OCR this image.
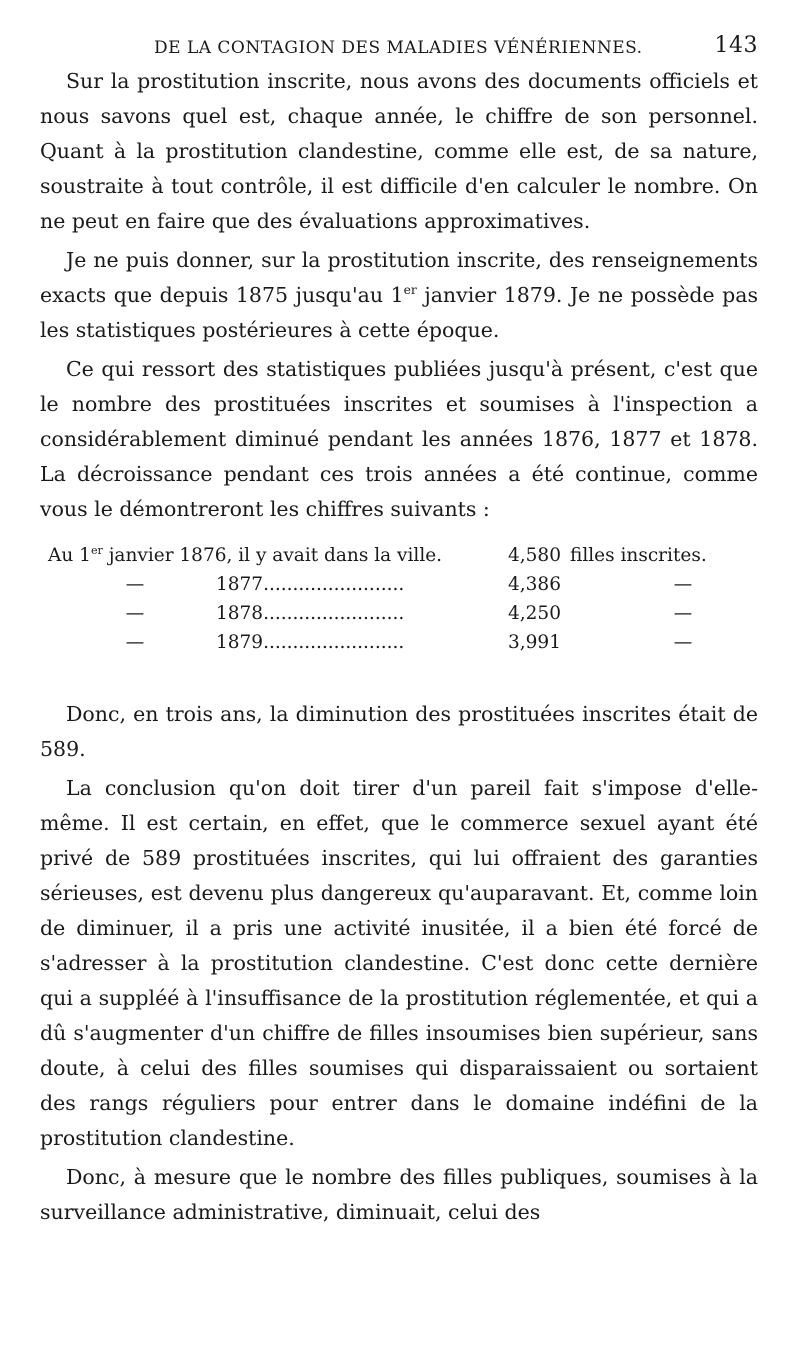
DE LA CONTAGION DES MALADIES VÉNÉRIENNES.	143

Sur la prostitution inscrite, nous avons des documents officiels et nous savons quel est, chaque année, le chiffre de son personnel. Quant à la prostitution clandestine, comme elle est, de sa nature, soustraite à tout contrôle, il est difficile d'en calculer le nombre. On ne peut en faire que des évaluations approximatives.

Je ne puis donner, sur la prostitution inscrite, des renseignements exacts que depuis 1875 jusqu'au 1er janvier 1879. Je ne possède pas les statistiques postérieures à cette époque.

Ce qui ressort des statistiques publiées jusqu'à présent, c'est que le nombre des prostituées inscrites et soumises à l'inspection a considérablement diminué pendant les années 1876, 1877 et 1878. La décroissance pendant ces trois années a été continue, comme vous le démontreront les chiffres suivants :

Au 1er janvier 1876, il y avait dans la ville.	4,580 filles inscrites.
—	1877........................	4,386	—
—	1878........................	4,250	—
—	1879........................	3,991	—

Donc, en trois ans, la diminution des prostituées inscrites était de 589.

La conclusion qu'on doit tirer d'un pareil fait s'impose d'elle-même. Il est certain, en effet, que le commerce sexuel ayant été privé de 589 prostituées inscrites, qui lui offraient des garanties sérieuses, est devenu plus dangereux qu'auparavant. Et, comme loin de diminuer, il a pris une activité inusitée, il a bien été forcé de s'adresser à la prostitution clandestine. C'est donc cette dernière qui a suppléé à l'insuffisance de la prostitution réglementée, et qui a dû s'augmenter d'un chiffre de filles insoumises bien supérieur, sans doute, à celui des filles soumises qui disparaissaient ou sortaient des rangs réguliers pour entrer dans le domaine indéfini de la prostitution clandestine.

Donc, à mesure que le nombre des filles publiques, soumises à la surveillance administrative, diminuait, celui des
